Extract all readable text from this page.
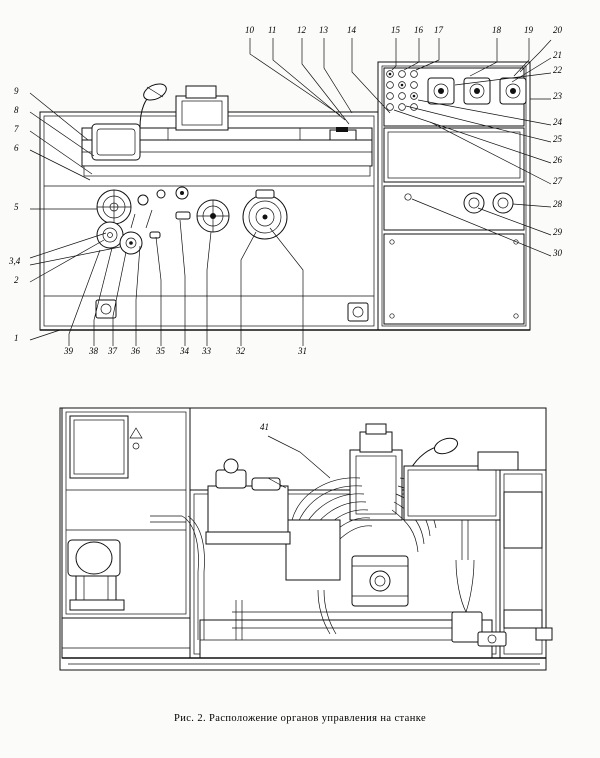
9
8
7
6
5
3,4
2
1
10 11 12 13 14	15 16 17	18	19 20
21
22
23
24
25
26
27
28
29
30
39 38 37 36 35 34 33	32	31
41
Рис. 2. Расположение органов управления на станке
